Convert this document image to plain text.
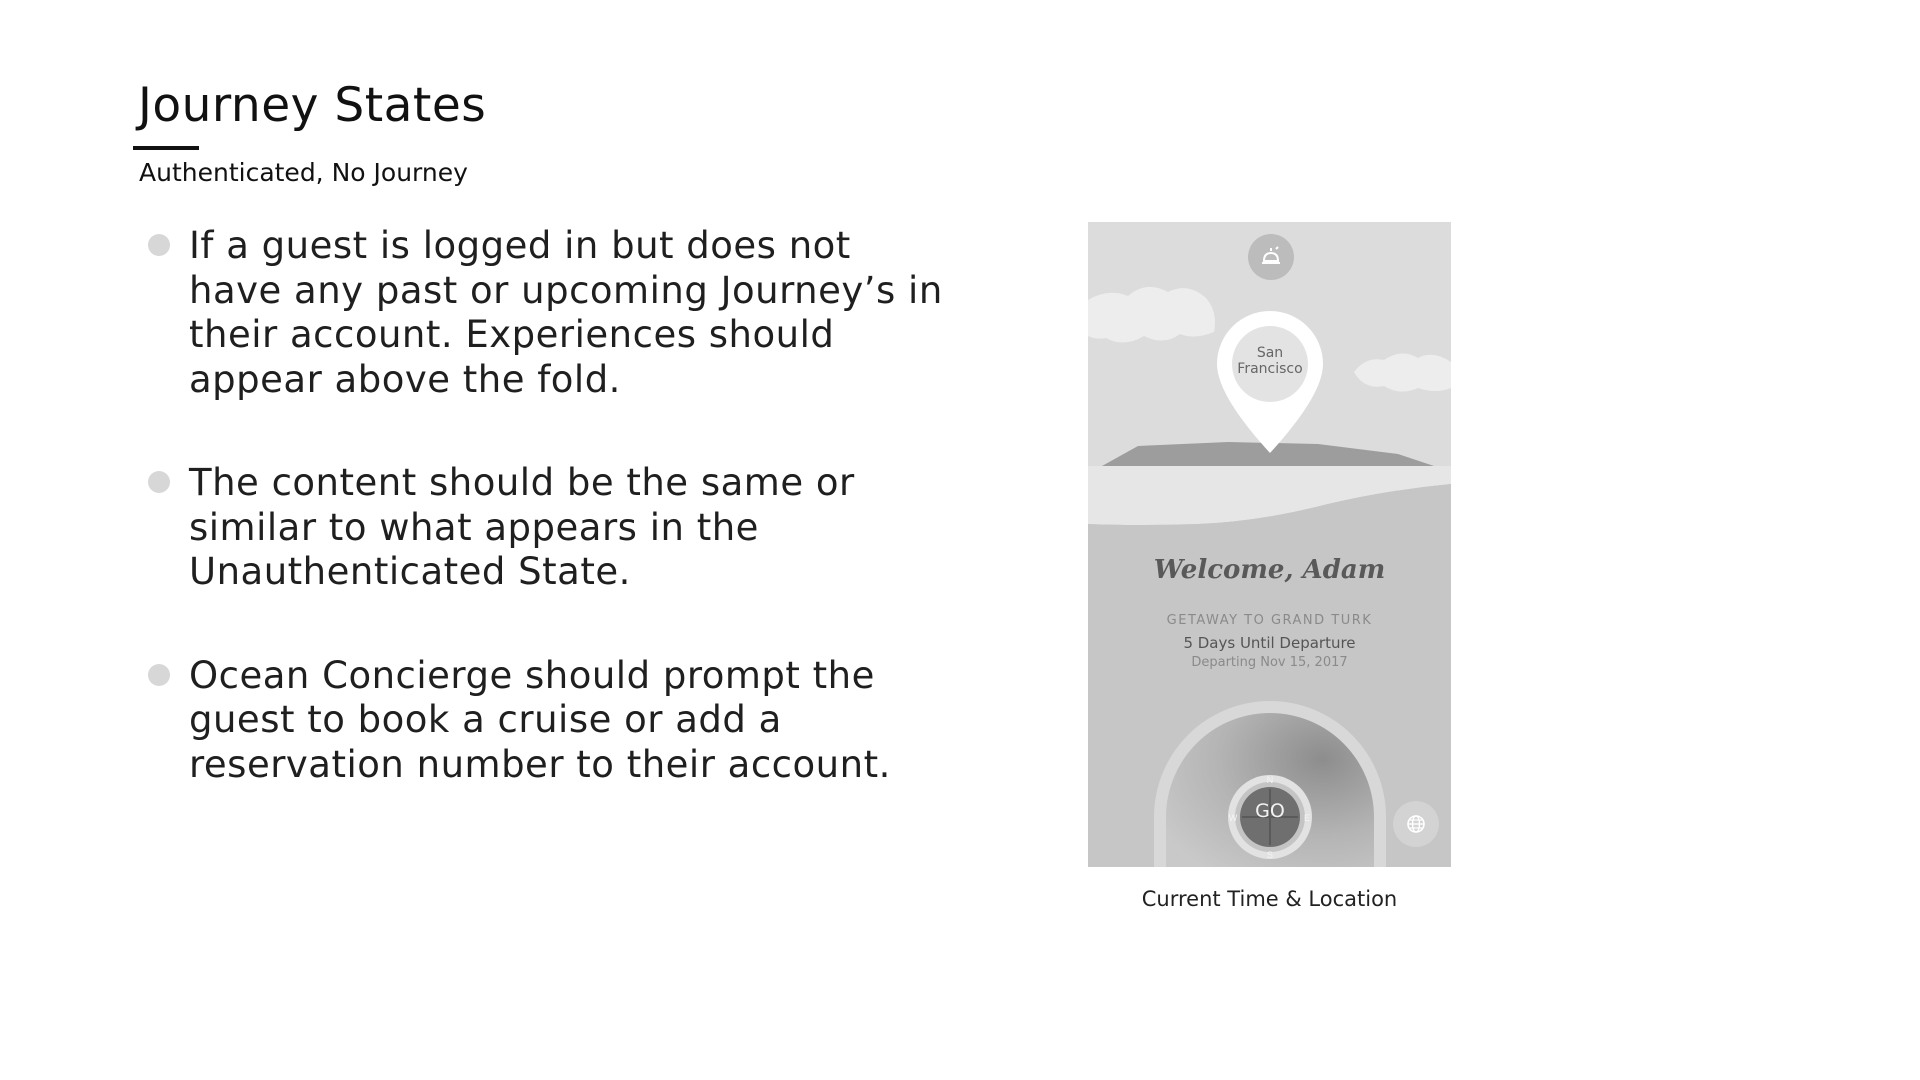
Journey States
Authenticated, No Journey
If a guest is logged in but does not have any past or upcoming Journey’s in their account. Experiences should appear above the fold.
The content should be the same or similar to what appears in the Unauthenticated State.
Ocean Concierge should prompt the guest to book a cruise or add a reservation number to their account.
San Francisco
Welcome, Adam
GETAWAY TO GRAND TURK
5 Days Until Departure
Departing Nov 15, 2017
N
S
E
W GO
Current Time & Location
